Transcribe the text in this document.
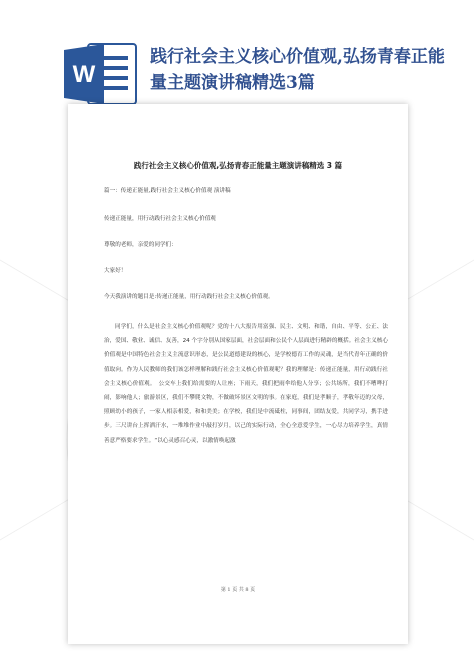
W
践行社会主义核心价值观,弘扬青春正能量主题演讲稿精选3篇
践行社会主义核心价值观,弘扬青春正能量主题演讲稿精选 3 篇
篇一：传递正能量,践行社会主义核心价值观 演讲稿
传递正能量，用行动践行社会主义核心价值观
尊敬的老师，亲爱的同学们：
大家好！
今天我演讲的题目是:传递正能量，用行动践行社会主义核心价值观。
同学们，什么是社会主义核心价值观呢？党的十八大报告用富强、民主、文明、和谐，自由、平等、公正、法治，爱国、敬业、诚信、友善，24 个字分别从国家层面，社会层面和公民个人层面进行精辟的概括。社会主义核心价值观是中国特色社会主义主流意识形态，是公民道德建设的核心，是学校德育工作的灵魂，是当代青年正确的价值取向。作为人民教师的我们该怎样理解和践行社会主义核心价值观呢？我的理解是：传递正能量，用行动践行社会主义核心价值观。　公交车上我们给需要的人让座；下雨天，我们把雨伞给他人分享；公共场所，我们不嘈哗打闹，影响他人；旅游景区，我们不攀爬文物，不做破坏景区文明的事。在家庭，我们是孝顺子，孝敬年迈的父母，照顾幼小的孩子，一家人相亲相爱，和和美美；在学校，我们是中流砥柱，同事间，团结友爱，共同学习，携手进步。三尺讲台上挥洒汗水，一堆堆作业中敲打岁月，以己的实际行动，全心全意爱学生，一心尽力培养学生，真情善意严格要求学生。“以心灵感召心灵，以激情唤起激
第 1 页 共 8 页
